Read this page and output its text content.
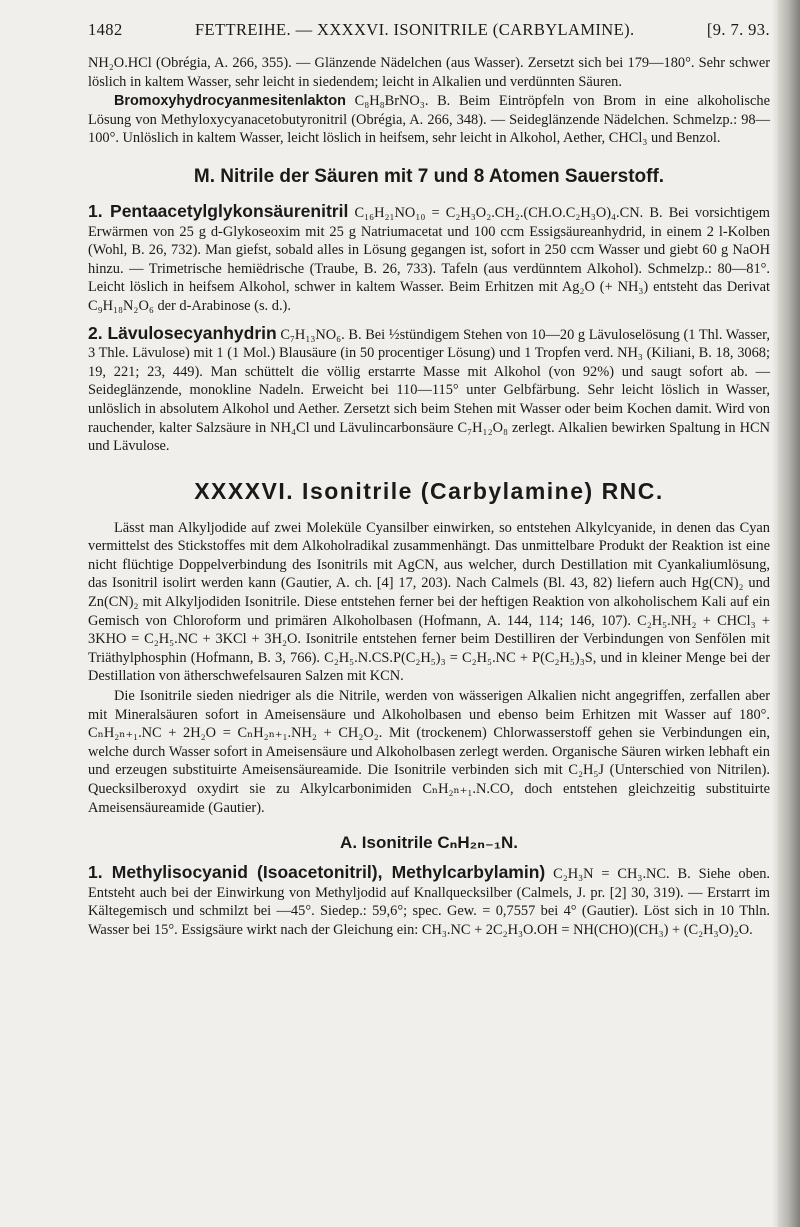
1482	FETTREIHE. — XXXXVI. ISONITRILE (CARBYLAMINE).	[9. 7. 93.

NH₂O.HCl (Obrégia, A. 266, 355). — Glänzende Nädelchen (aus Wasser). Zersetzt sich bei 179—180°. Sehr schwer löslich in kaltem Wasser, sehr leicht in siedendem; leicht in Alkalien und verdünnten Säuren.

Bromoxyhydrocyanmesitenlakton C₈H₈BrNO₃. B. Beim Eintröpfeln von Brom in eine alkoholische Lösung von Methyloxycyanacetobutyronitril (Obrégia, A. 266, 348). — Seideglänzende Nädelchen. Schmelzp.: 98—100°. Unlöslich in kaltem Wasser, leicht löslich in heifsem, sehr leicht in Alkohol, Aether, CHCl₃ und Benzol.

M. Nitrile der Säuren mit 7 und 8 Atomen Sauerstoff.

1. Pentaacetylglykonsäurenitril C₁₆H₂₁NO₁₀ = C₂H₃O₂.CH₂.(CH.O.C₂H₃O)₄.CN. B. Bei vorsichtigem Erwärmen von 25 g d-Glykoseoxim mit 25 g Natriumacetat und 100 ccm Essigsäureanhydrid, in einem 2 l-Kolben (Wohl, B. 26, 732). Man giefst, sobald alles in Lösung gegangen ist, sofort in 250 ccm Wasser und giebt 60 g NaOH hinzu. — Trimetrische hemiëdrische (Traube, B. 26, 733). Tafeln (aus verdünntem Alkohol). Schmelzp.: 80—81°. Leicht löslich in heifsem Alkohol, schwer in kaltem Wasser. Beim Erhitzen mit Ag₂O (+ NH₃) entsteht das Derivat C₉H₁₈N₂O₆ der d-Arabinose (s. d.).

2. Lävulosecyanhydrin C₇H₁₃NO₆. B. Bei ½stündigem Stehen von 10—20 g Lävuloselösung (1 Thl. Wasser, 3 Thle. Lävulose) mit 1 (1 Mol.) Blausäure (in 50 procentiger Lösung) und 1 Tropfen verd. NH₃ (Kiliani, B. 18, 3068; 19, 221; 23, 449). Man schüttelt die völlig erstarrte Masse mit Alkohol (von 92%) und saugt sofort ab. — Seideglänzende, monokline Nadeln. Erweicht bei 110—115° unter Gelbfärbung. Sehr leicht löslich in Wasser, unlöslich in absolutem Alkohol und Aether. Zersetzt sich beim Stehen mit Wasser oder beim Kochen damit. Wird von rauchender, kalter Salzsäure in NH₄Cl und Lävulincarbonsäure C₇H₁₂O₈ zerlegt. Alkalien bewirken Spaltung in HCN und Lävulose.

XXXXVI. Isonitrile (Carbylamine) RNC.

Lässt man Alkyljodide auf zwei Moleküle Cyansilber einwirken, so entstehen Alkylcyanide, in denen das Cyan vermittelst des Stickstoffes mit dem Alkoholradikal zusammenhängt. Das unmittelbare Produkt der Reaktion ist eine nicht flüchtige Doppelverbindung des Isonitrils mit AgCN, aus welcher, durch Destillation mit Cyankaliumlösung, das Isonitril isolirt werden kann (Gautier, A. ch. [4] 17, 203). Nach Calmels (Bl. 43, 82) liefern auch Hg(CN)₂ und Zn(CN)₂ mit Alkyljodiden Isonitrile. Diese entstehen ferner bei der heftigen Reaktion von alkoholischem Kali auf ein Gemisch von Chloroform und primären Alkoholbasen (Hofmann, A. 144, 114; 146, 107). C₂H₅.NH₂ + CHCl₃ + 3KHO = C₂H₅.NC + 3KCl + 3H₂O. Isonitrile entstehen ferner beim Destilliren der Verbindungen von Senfölen mit Triäthylphosphin (Hofmann, B. 3, 766). C₂H₅.N.CS.P(C₂H₅)₃ = C₂H₅.NC + P(C₂H₅)₃S, und in kleiner Menge bei der Destillation von ätherschwefelsauren Salzen mit KCN.

Die Isonitrile sieden niedriger als die Nitrile, werden von wässerigen Alkalien nicht angegriffen, zerfallen aber mit Mineralsäuren sofort in Ameisensäure und Alkoholbasen und ebenso beim Erhitzen mit Wasser auf 180°. CₙH₂ₙ₊₁.NC + 2H₂O = CₙH₂ₙ₊₁.NH₂ + CH₂O₂. Mit (trockenem) Chlorwasserstoff gehen sie Verbindungen ein, welche durch Wasser sofort in Ameisensäure und Alkoholbasen zerlegt werden. Organische Säuren wirken lebhaft ein und erzeugen substituirte Ameisensäureamide. Die Isonitrile verbinden sich mit C₂H₅J (Unterschied von Nitrilen). Quecksilberoxyd oxydirt sie zu Alkylcarbonimiden CₙH₂ₙ₊₁.N.CO, doch entstehen gleichzeitig substituirte Ameisensäureamide (Gautier).

A. Isonitrile CₙH₂ₙ₋₁N.

1. Methylisocyanid (Isoacetonitril), Methylcarbylamin) C₂H₃N = CH₃.NC. B. Siehe oben. Entsteht auch bei der Einwirkung von Methyljodid auf Knallquecksilber (Calmels, J. pr. [2] 30, 319). — Erstarrt im Kältegemisch und schmilzt bei —45°. Siedep.: 59,6°; spec. Gew. = 0,7557 bei 4° (Gautier). Löst sich in 10 Thln. Wasser bei 15°. Essigsäure wirkt nach der Gleichung ein: CH₃.NC + 2C₂H₃O.OH = NH(CHO)(CH₃) + (C₂H₃O)₂O.
